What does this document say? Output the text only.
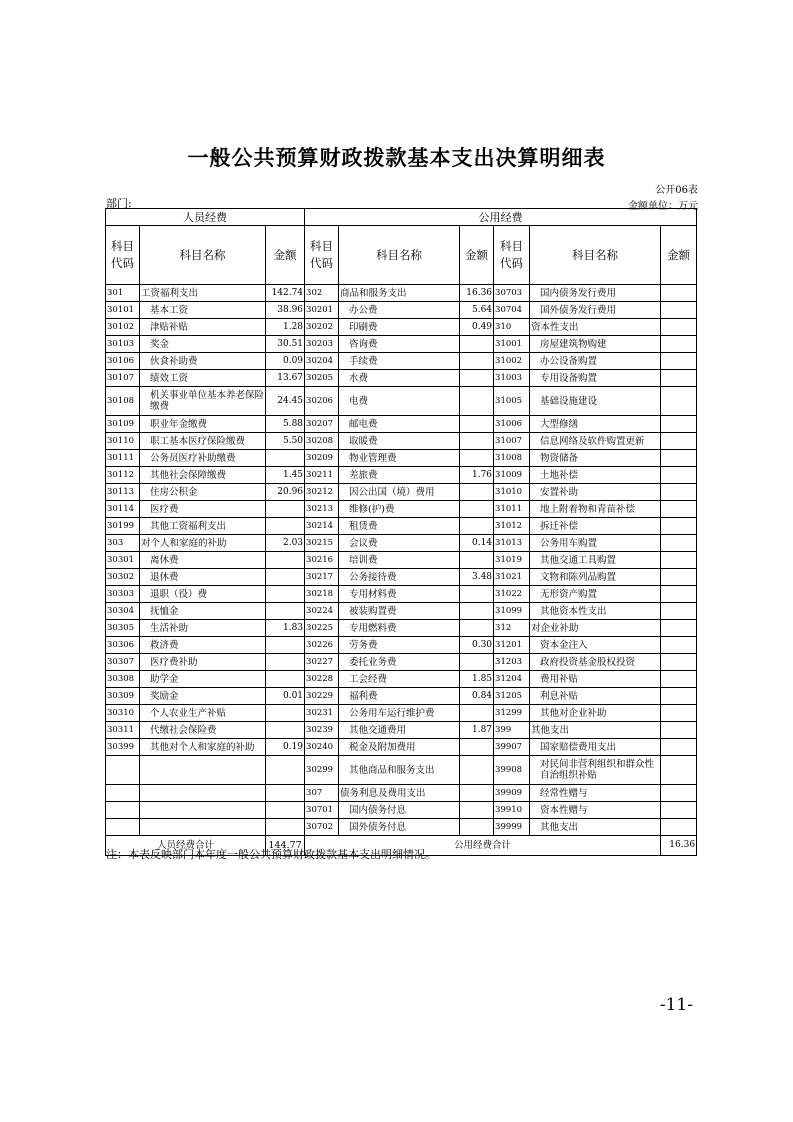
一般公共预算财政拨款基本支出决算明细表
公开06表
部门:	金额单位：万元
人员经费			公用经费					
科目代码	科目名称	金额	科目代码	科目名称	金额	科目代码	科目名称	金额
301	工资福利支出	142.74	302	商品和服务支出	16.36	30703	国内债务发行费用	
30101	基本工资	38.96	30201	办公费	5.64	30704	国外债务发行费用	
30102	津贴补贴	1.28	30202	印刷费	0.49	310	资本性支出	
30103	奖金	30.51	30203	咨询费		31001	房屋建筑物购建	
30106	伙食补助费	0.09	30204	手续费		31002	办公设备购置	
30107	绩效工资	13.67	30205	水费		31003	专用设备购置	
30108	机关事业单位基本养老保险缴费	24.45	30206	电费		31005	基础设施建设	
30109	职业年金缴费	5.88	30207	邮电费		31006	大型修缮	
30110	职工基本医疗保险缴费	5.50	30208	取暖费		31007	信息网络及软件购置更新	
30111	公务员医疗补助缴费		30209	物业管理费		31008	物资储备	
30112	其他社会保障缴费	1.45	30211	差旅费	1.76	31009	土地补偿	
30113	住房公积金	20.96	30212	因公出国（境）费用		31010	安置补助	
30114	医疗费		30213	维修(护)费		31011	地上附着物和青苗补偿	
30199	其他工资福利支出		30214	租赁费		31012	拆迁补偿	
303	对个人和家庭的补助	2.03	30215	会议费	0.14	31013	公务用车购置	
30301	离休费		30216	培训费		31019	其他交通工具购置	
30302	退休费		30217	公务接待费	3.48	31021	文物和陈列品购置	
30303	退职（役）费		30218	专用材料费		31022	无形资产购置	
30304	抚恤金		30224	被装购置费		31099	其他资本性支出	
30305	生活补助	1.83	30225	专用燃料费		312	对企业补助	
30306	救济费		30226	劳务费	0.30	31201	资本金注入	
30307	医疗费补助		30227	委托业务费		31203	政府投资基金股权投资	
30308	助学金		30228	工会经费	1.85	31204	费用补贴	
30309	奖励金	0.01	30229	福利费	0.84	31205	利息补贴	
30310	个人农业生产补贴		30231	公务用车运行维护费		31299	其他对企业补助	
30311	代缴社会保险费		30239	其他交通费用	1.87	399	其他支出	
30399	其他对个人和家庭的补助	0.19	30240	税金及附加费用		39907	国家赔偿费用支出	
			30299	其他商品和服务支出		39908	对民间非营利组织和群众性自治组织补贴	
			307	债务利息及费用支出		39909	经常性赠与	
			30701	国内债务付息		39910	资本性赠与	
			30702	国外债务付息		39999	其他支出	
人员经费合计		144.77	公用经费合计					16.36
注：本表反映部门本年度一般公共预算财政拨款基本支出明细情况。
-11-
